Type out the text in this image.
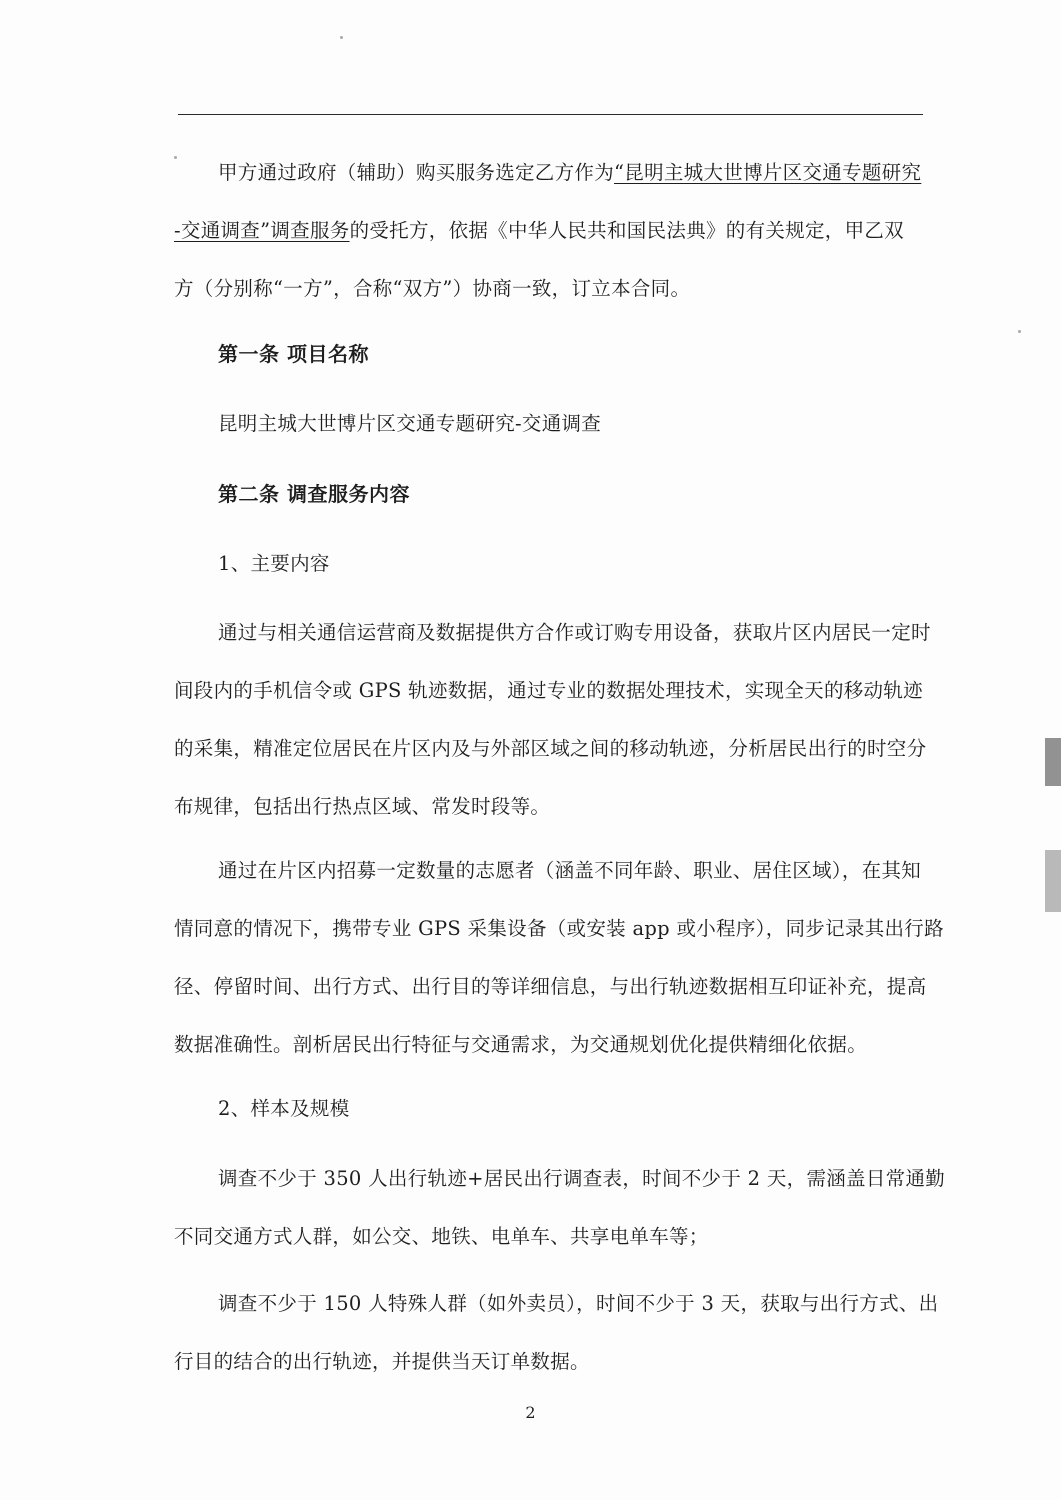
甲方通过政府（辅助）购买服务选定乙方作为“昆明主城大世博片区交通专题研究
-交通调查”调查服务的受托方，依据《中华人民共和国民法典》的有关规定，甲乙双
方（分别称“一方”，合称“双方”）协商一致，订立本合同。
第一条 项目名称
昆明主城大世博片区交通专题研究-交通调查
第二条 调查服务内容
1、主要内容
通过与相关通信运营商及数据提供方合作或订购专用设备，获取片区内居民一定时
间段内的手机信令或 GPS 轨迹数据，通过专业的数据处理技术，实现全天的移动轨迹
的采集，精准定位居民在片区内及与外部区域之间的移动轨迹，分析居民出行的时空分
布规律，包括出行热点区域、常发时段等。
通过在片区内招募一定数量的志愿者（涵盖不同年龄、职业、居住区域），在其知
情同意的情况下，携带专业 GPS 采集设备（或安装 app 或小程序），同步记录其出行路
径、停留时间、出行方式、出行目的等详细信息，与出行轨迹数据相互印证补充，提高
数据准确性。剖析居民出行特征与交通需求，为交通规划优化提供精细化依据。
2、样本及规模
调查不少于 350 人出行轨迹+居民出行调查表，时间不少于 2 天，需涵盖日常通勤
不同交通方式人群，如公交、地铁、电单车、共享电单车等；
调查不少于 150 人特殊人群（如外卖员），时间不少于 3 天，获取与出行方式、出
行目的结合的出行轨迹，并提供当天订单数据。
2
